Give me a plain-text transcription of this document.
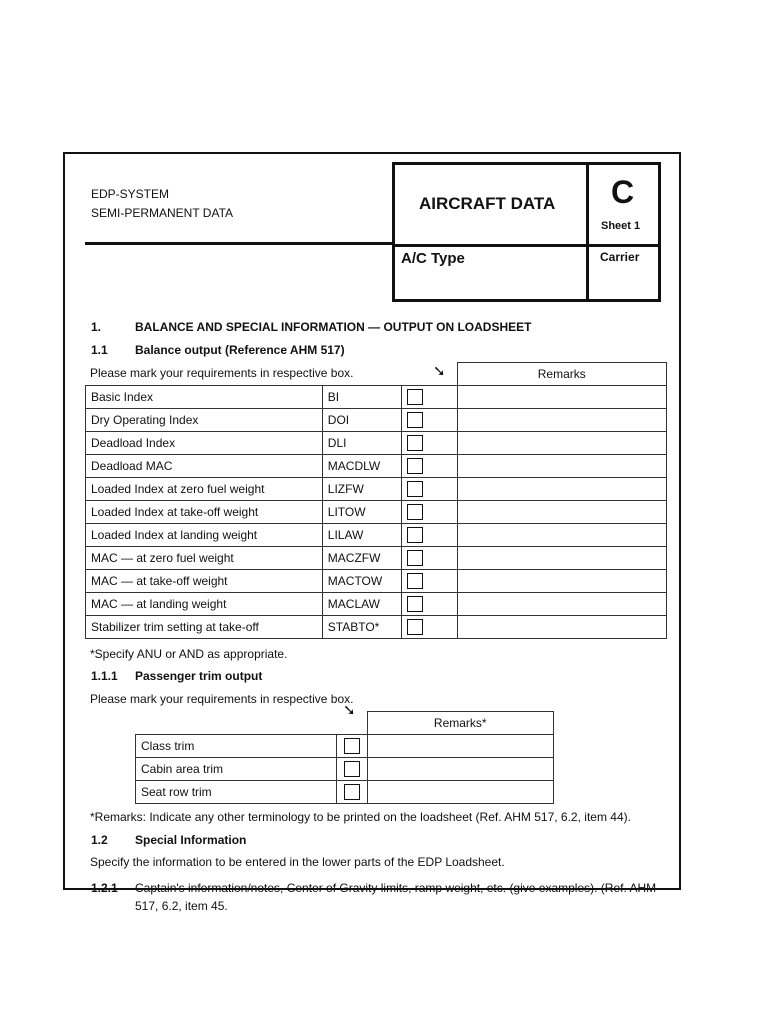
EDP-SYSTEM
SEMI-PERMANENT DATA	AIRCRAFT DATA C
Sheet 1
A/C Type	Carrier
1.	BALANCE AND SPECIAL INFORMATION — OUTPUT ON LOADSHEET
1.1 Balance output (Reference AHM 517)
Please mark your requirements in respective box.	➘
			Remarks
Basic Index	BI		
Dry Operating Index	DOI		
Deadload Index	DLI		
Deadload MAC	MACDLW		
Loaded Index at zero fuel weight	LIZFW		
Loaded Index at take-off weight	LITOW		
Loaded Index at landing weight	LILAW		
MAC — at zero fuel weight	MACZFW		
MAC — at take-off weight	MACTOW		
MAC — at landing weight	MACLAW		
Stabilizer trim setting at take-off	STABTO*		
*Specify ANU or AND as appropriate.
1.1.1 Passenger trim output
Please mark your requirements in respective box.
➘
		Remarks*
Class trim		
Cabin area trim		
Seat row trim		
*Remarks: Indicate any other terminology to be printed on the loadsheet (Ref. AHM 517, 6.2, item 44).
1.2 Special Information
Specify the information to be entered in the lower parts of the EDP Loadsheet.
1.2.1 Captain's information/notes, Center of Gravity limits, ramp weight, etc. (give examples). (Ref. AHM
517, 6.2, item 45.
